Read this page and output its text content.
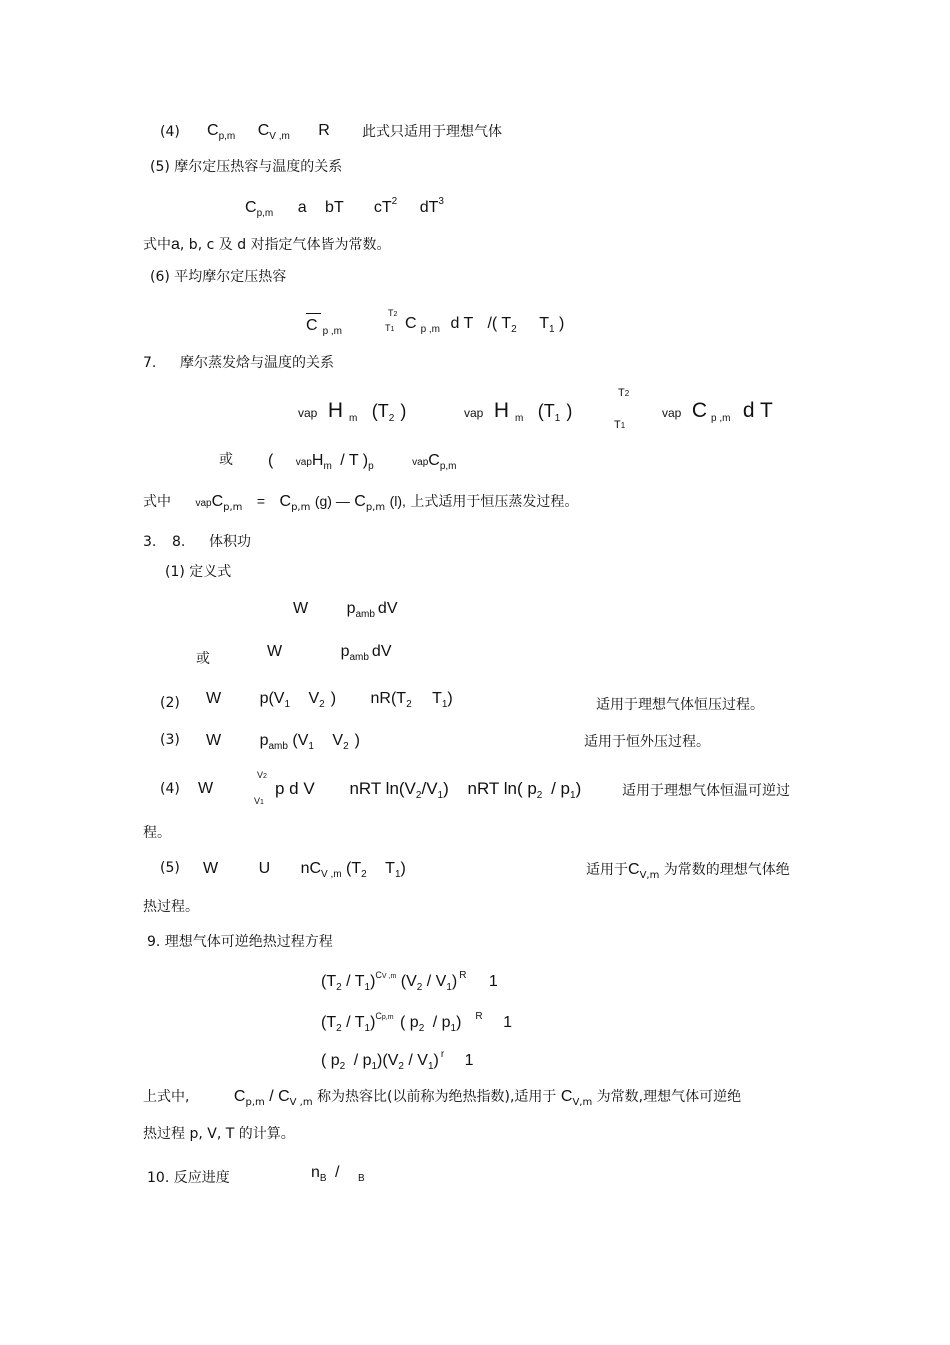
(4) $C_{p,m}$ $C_{V ,m}$ R 此式只适用于理想气体
(5) 摩尔定压热容与温度的关系
$C_{p,m}$ a bT $cT^2$ $dT^3$
式中a, b, c 及 d 对指定气体皆为常数。
(6) 平均摩尔定压热容
C $_{p ,m}$
T2
T1 C $_{p ,m}$ d T /( $T_2$ $T_1$ )
7. 摩尔蒸发焓与温度的关系
vap H $_m$ ($T_2$ )	vap H $_m$ ($T_1$ )
T2
T1
vap C $_{p ,m}$ d T
或 ( vapH$_m$ / T )$_p$	vapC$_{p,m}$
式中 vapC$_{p,m}$ = $C_{p,m}$ (g) — $C_{p,m}$ (l), 上式适用于恒压蒸发过程。
3. 8. 体积功
(1) 定义式
W $p_{amb}$ dV
或	W	$p_{amb}$ dV
(2) W $p(V_1$ $V_2$ ) $nR(T_2$ $T_1$)	适用于理想气体恒压过程。
(3) W $p_{amb}$ ($V_1$ $V_2$ )	适用于恒外压过程。
(4) W
V2
V1
p d V nRT $\ln(V_2/V_1)$ nRT ln( $p_2 / p_1$)	适用于理想气体恒温可逆过
程。
(5) W	U $nC_{V ,m}$ ($T_2$ $T_1$)	适用于$C_{V,m}$ 为常数的理想气体绝
热过程。
9. 理想气体可逆绝热过程方程
$(T_2 / T_1)^{CV ,m}$ $(V_2 / V_1)$ $^R$ 1
$(T_2 / T_1)^{Cp,m}$ ( $p_2 / p_1$) $^R$ 1
( $p_2 / p_1)(V_2 / V_1)$ $^r$ 1
上式中,	$C_{p,m} / C_{V ,m}$ 称为热容比(以前称为绝热指数),适用于 $C_{V,m}$ 为常数,理想气体可逆绝
热过程 p, V, T 的计算。
10. 反应进度	$n_B / _B$
